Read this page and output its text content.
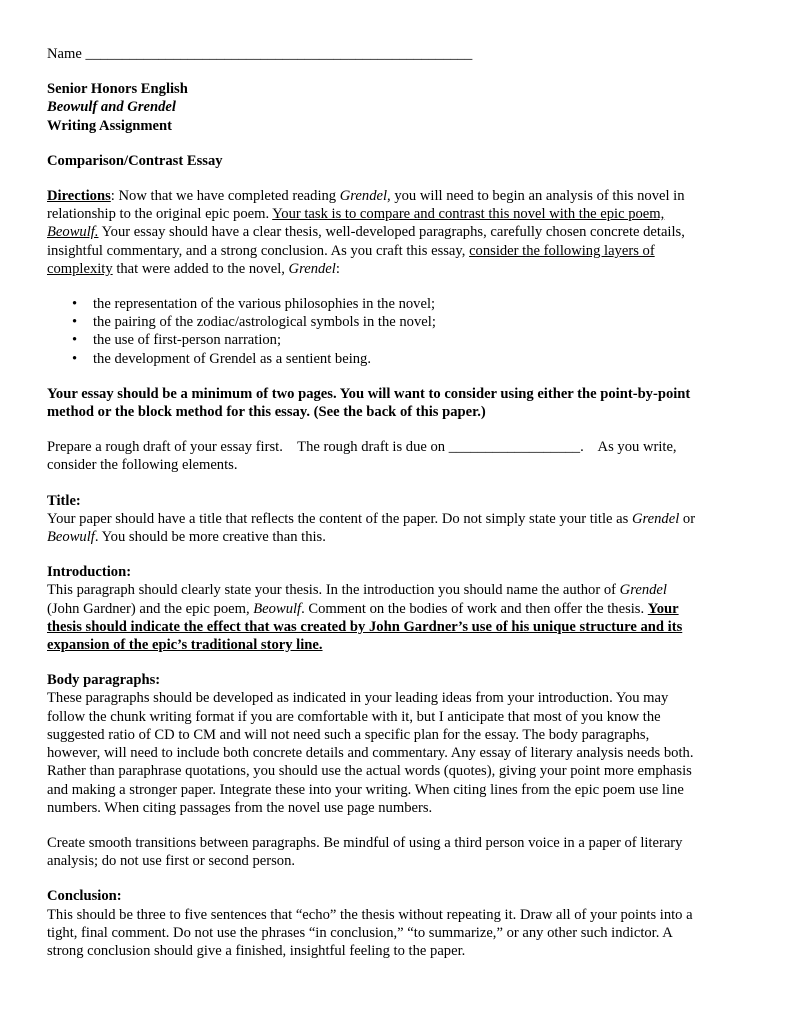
Name _____________________________________________________

Senior Honors English
Beowulf and Grendel
Writing Assignment

Comparison/Contrast Essay

Directions: Now that we have completed reading Grendel, you will need to begin an analysis of this novel in
relationship to the original epic poem. Your task is to compare and contrast this novel with the epic poem,
Beowulf. Your essay should have a clear thesis, well-developed paragraphs, carefully chosen concrete details,
insightful commentary, and a strong conclusion. As you craft this essay, consider the following layers of
complexity that were added to the novel, Grendel:
• the representation of the various philosophies in the novel;
• the pairing of the zodiac/astrological symbols in the novel;
• the use of first-person narration;
• the development of Grendel as a sentient being.
Your essay should be a minimum of two pages. You will want to consider using either the point-by-point
method or the block method for this essay. (See the back of this paper.)
Prepare a rough draft of your essay first.    The rough draft is due on __________________.    As you write,
consider the following elements.
Title:
Your paper should have a title that reflects the content of the paper. Do not simply state your title as Grendel or
Beowulf. You should be more creative than this.
Introduction:
This paragraph should clearly state your thesis. In the introduction you should name the author of Grendel
(John Gardner) and the epic poem, Beowulf. Comment on the bodies of work and then offer the thesis. Your
thesis should indicate the effect that was created by John Gardner’s use of his unique structure and its
expansion of the epic’s traditional story line.
Body paragraphs:
These paragraphs should be developed as indicated in your leading ideas from your introduction. You may
follow the chunk writing format if you are comfortable with it, but I anticipate that most of you know the
suggested ratio of CD to CM and will not need such a specific plan for the essay. The body paragraphs,
however, will need to include both concrete details and commentary. Any essay of literary analysis needs both.
Rather than paraphrase quotations, you should use the actual words (quotes), giving your point more emphasis
and making a stronger paper. Integrate these into your writing. When citing lines from the epic poem use line
numbers. When citing passages from the novel use page numbers.
Create smooth transitions between paragraphs. Be mindful of using a third person voice in a paper of literary
analysis; do not use first or second person.
Conclusion:
This should be three to five sentences that “echo” the thesis without repeating it. Draw all of your points into a
tight, final comment. Do not use the phrases “in conclusion,” “to summarize,” or any other such indictor. A
strong conclusion should give a finished, insightful feeling to the paper.
